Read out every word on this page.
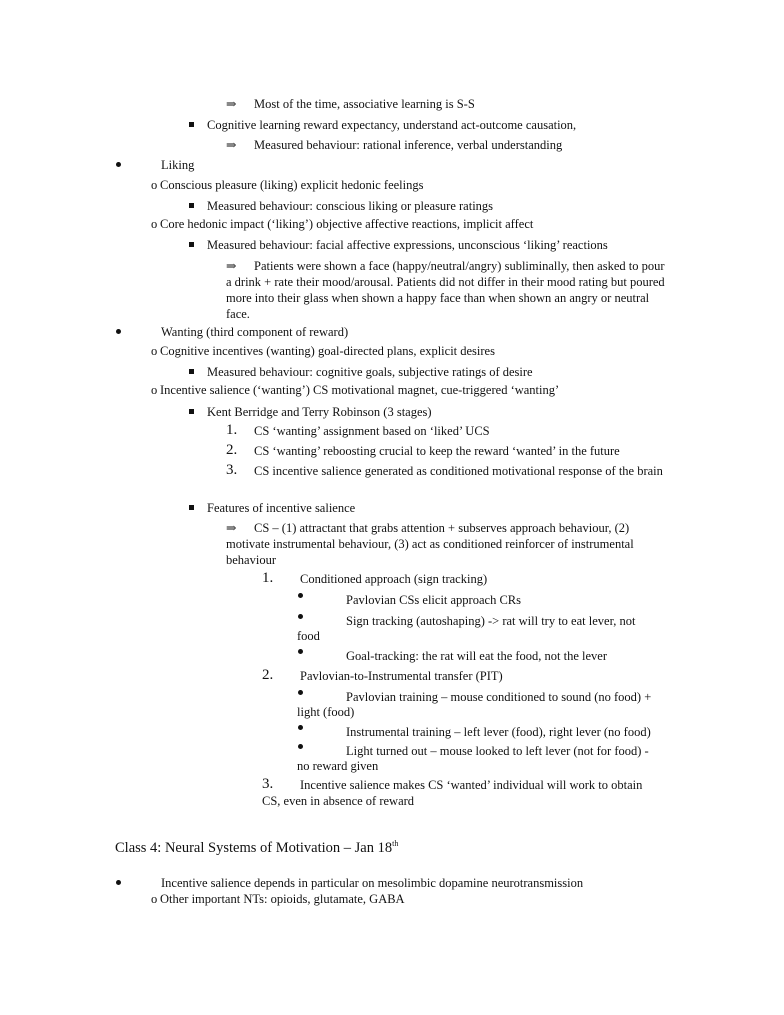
⇒ Most of the time, associative learning is S-S
Cognitive learning reward expectancy, understand act-outcome causation,
⇒ Measured behaviour: rational inference, verbal understanding
Liking
o Conscious pleasure (liking) explicit hedonic feelings
Measured behaviour: conscious liking or pleasure ratings
o Core hedonic impact (‘liking’) objective affective reactions, implicit affect
Measured behaviour: facial affective expressions, unconscious ‘liking’ reactions
⇒	Patients were shown a face (happy/neutral/angry) subliminally, then asked to pour a drink + rate their mood/arousal. Patients did not differ in their mood rating but poured more into their glass when shown a happy face than when shown an angry or neutral face.
Wanting (third component of reward)
o Cognitive incentives (wanting) goal-directed plans, explicit desires
Measured behaviour: cognitive goals, subjective ratings of desire
o Incentive salience (‘wanting’) CS motivational magnet, cue-triggered ‘wanting’
Kent Berridge and Terry Robinson (3 stages)
1. CS ‘wanting’ assignment based on ‘liked’ UCS
2. CS ‘wanting’ reboosting crucial to keep the reward ‘wanted’ in the future
3.	CS incentive salience generated as conditioned motivational response of the brain
Features of incentive salience
⇒	CS – (1) attractant that grabs attention + subserves approach behaviour, (2) motivate instrumental behaviour, (3) act as conditioned reinforcer of instrumental behaviour
1. Conditioned approach (sign tracking)
Pavlovian CSs elicit approach CRs
Sign tracking (autoshaping) -> rat will try to eat lever, not
food
Goal-tracking: the rat will eat the food, not the lever
2. Pavlovian-to-Instrumental transfer (PIT)
Pavlovian training – mouse conditioned to sound (no food) +
light (food)
Instrumental training – left lever (food), right lever (no food)
Light turned out – mouse looked to left lever (not for food) -
no reward given
3. Incentive salience makes CS ‘wanted’ individual will work to obtain
CS, even in absence of reward
Class 4: Neural Systems of Motivation – Jan 18th
Incentive salience depends in particular on mesolimbic dopamine neurotransmission
o Other important NTs: opioids, glutamate, GABA
